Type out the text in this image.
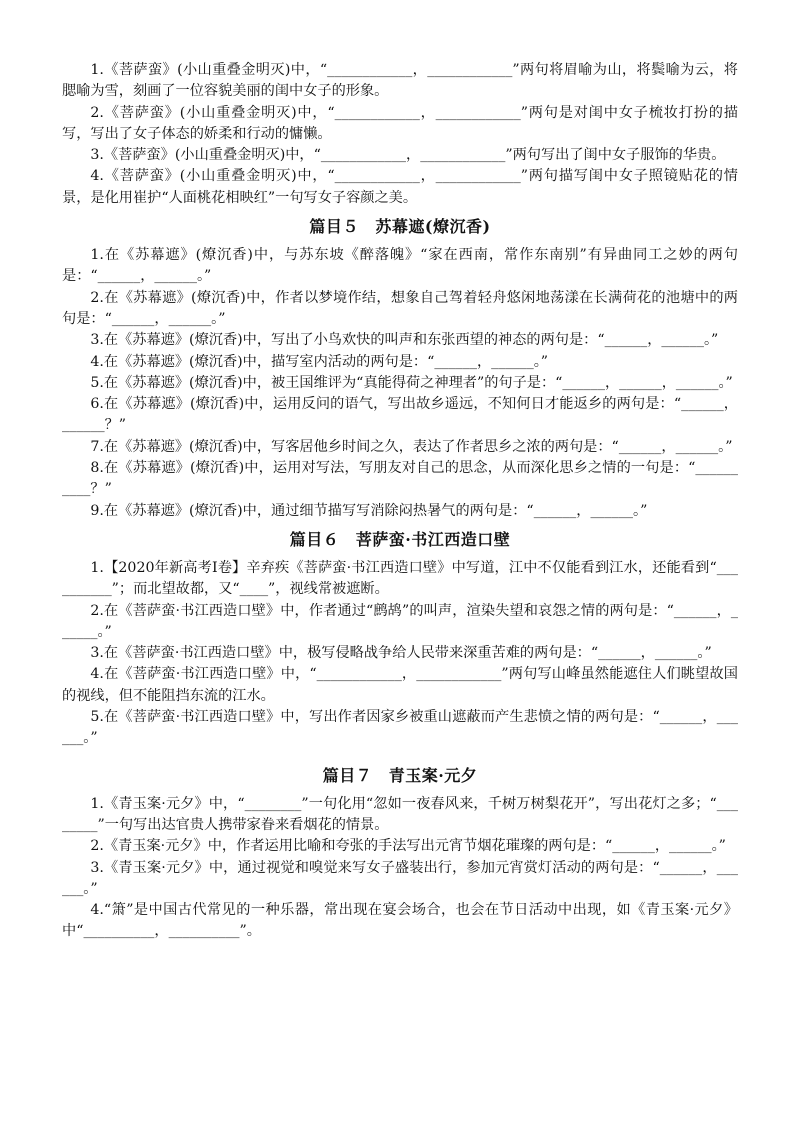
1.《菩萨蛮》(小山重叠金明灭)中，“____________，____________”两句将眉喻为山，将鬓喻为云，将腮喻为雪，刻画了一位容貌美丽的闺中女子的形象。

2.《菩萨蛮》(小山重叠金明灭)中，“____________，____________”两句是对闺中女子梳妆打扮的描写，写出了女子体态的娇柔和行动的慵懒。

3.《菩萨蛮》(小山重叠金明灭)中，“____________，____________”两句写出了闺中女子服饰的华贵。

4.《菩萨蛮》(小山重叠金明灭)中，“____________，____________”两句描写闺中女子照镜贴花的情景，是化用崔护“人面桃花相映红”一句写女子容颜之美。

篇目５　苏幕遮(燎沉香)

1.在《苏幕遮》(燎沉香)中，与苏东坡《醉落魄》“家在西南，常作东南别”有异曲同工之妙的两句是：“______，______。”

2.在《苏幕遮》(燎沉香)中，作者以梦境作结，想象自己驾着轻舟悠闲地荡漾在长满荷花的池塘中的两句是：“______，______。”

3.在《苏幕遮》(燎沉香)中，写出了小鸟欢快的叫声和东张西望的神态的两句是：“______，______。”

4.在《苏幕遮》(燎沉香)中，描写室内活动的两句是：“______，______。”

5.在《苏幕遮》(燎沉香)中，被王国维评为“真能得荷之神理者”的句子是：“______，______，______。”

6.在《苏幕遮》(燎沉香)中，运用反问的语气，写出故乡遥远，不知何日才能返乡的两句是：“______，______？”

7.在《苏幕遮》(燎沉香)中，写客居他乡时间之久，表达了作者思乡之浓的两句是：“______，______。”

8.在《苏幕遮》(燎沉香)中，运用对写法，写朋友对自己的思念，从而深化思乡之情的一句是：“__________？”

9.在《苏幕遮》(燎沉香)中，通过细节描写写消除闷热暑气的两句是：“______，______。”

篇目６　菩萨蛮·书江西造口壁

1.【2020年新高考Ⅰ卷】辛弃疾《菩萨蛮·书江西造口壁》中写道，江中不仅能看到江水，还能看到“__________”；而北望故都，又“____”，视线常被遮断。

2.在《菩萨蛮·书江西造口壁》中，作者通过“鹧鸪”的叫声，渲染失望和哀怨之情的两句是：“______，______。”

3.在《菩萨蛮·书江西造口壁》中，极写侵略战争给人民带来深重苦难的两句是：“______，______。”

4.在《菩萨蛮·书江西造口壁》中，“____________，____________”两句写山峰虽然能遮住人们眺望故国的视线，但不能阻挡东流的江水。

5.在《菩萨蛮·书江西造口壁》中，写出作者因家乡被重山遮蔽而产生悲愤之情的两句是：“______，______。”

篇目７　青玉案·元夕

1.《青玉案·元夕》中，“________”一句化用“忽如一夜春风来，千树万树梨花开”，写出花灯之多；“________”一句写出达官贵人携带家眷来看烟花的情景。

2.《青玉案·元夕》中，作者运用比喻和夸张的手法写出元宵节烟花璀璨的两句是：“______，______。”

3.《青玉案·元夕》中，通过视觉和嗅觉来写女子盛装出行，参加元宵赏灯活动的两句是：“______，______。”

4.“箫”是中国古代常见的一种乐器，常出现在宴会场合，也会在节日活动中出现，如《青玉案·元夕》中“__________，__________”。
